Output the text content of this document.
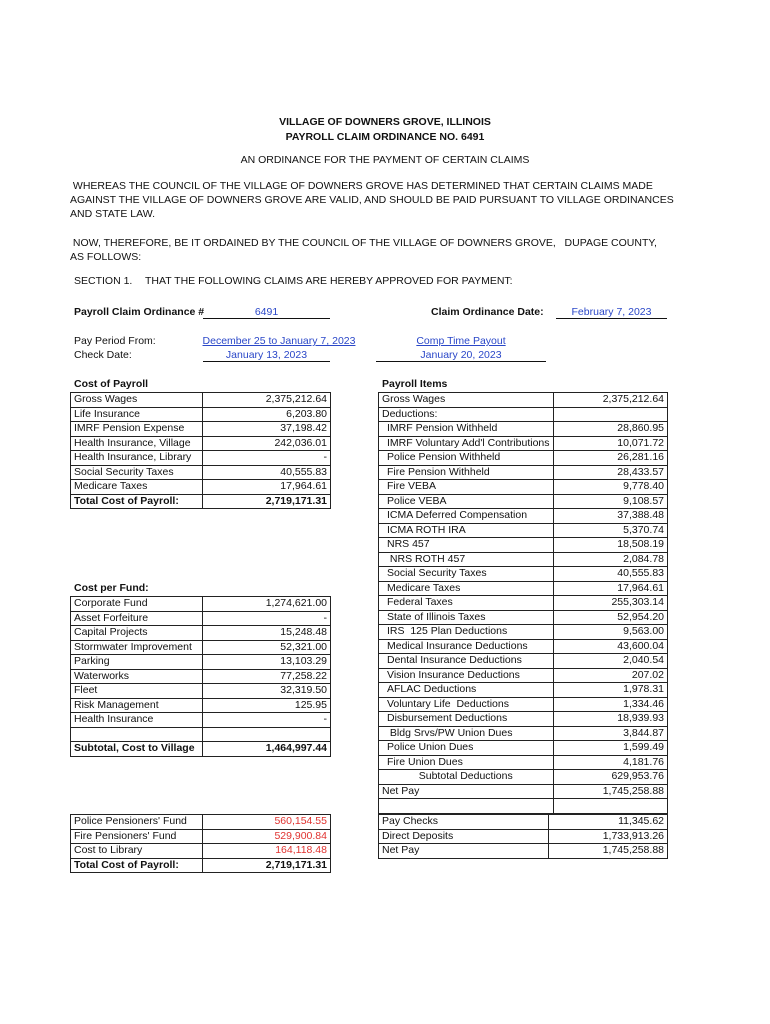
VILLAGE OF DOWNERS GROVE, ILLINOIS
PAYROLL CLAIM ORDINANCE NO. 6491
AN ORDINANCE FOR THE PAYMENT OF CERTAIN CLAIMS
WHEREAS THE COUNCIL OF THE VILLAGE OF DOWNERS GROVE HAS DETERMINED THAT CERTAIN CLAIMS MADE
AGAINST THE VILLAGE OF DOWNERS GROVE ARE VALID, AND SHOULD BE PAID PURSUANT TO VILLAGE ORDINANCES
AND STATE LAW.
NOW, THEREFORE, BE IT ORDAINED BY THE COUNCIL OF THE VILLAGE OF DOWNERS GROVE,   DUPAGE COUNTY,
AS FOLLOWS:
SECTION 1. THAT THE FOLLOWING CLAIMS ARE HEREBY APPROVED FOR PAYMENT:
Payroll Claim Ordinance #	6491	Claim Ordinance Date:	February 7, 2023
Pay Period From:	December 25 to January 7, 2023
Check Date:	January 13, 2023
Comp Time Payout
January 20, 2023
Cost of Payroll
Gross Wages	2,375,212.64
Life Insurance	6,203.80
IMRF Pension Expense	37,198.42
Health Insurance, Village	242,036.01
Health Insurance, Library	-
Social Security Taxes	40,555.83
Medicare Taxes	17,964.61
Total Cost of Payroll:	2,719,171.31
Cost per Fund:
Corporate Fund	1,274,621.00
Asset Forfeiture	-
Capital Projects	15,248.48
Stormwater Improvement	52,321.00
Parking	13,103.29
Waterworks	77,258.22
Fleet	32,319.50
Risk Management	125.95
Health Insurance	-

Subtotal, Cost to Village	1,464,997.44
Police Pensioners' Fund	560,154.55
Fire Pensioners' Fund	529,900.84
Cost to Library	164,118.48
Total Cost of Payroll:	2,719,171.31
Payroll Items
Gross Wages	2,375,212.64
Deductions:	
IMRF Pension Withheld	28,860.95
IMRF Voluntary Add'l Contributions	10,071.72
Police Pension Withheld	26,281.16
Fire Pension Withheld	28,433.57
Fire VEBA	9,778.40
Police VEBA	9,108.57
ICMA Deferred Compensation	37,388.48
ICMA ROTH IRA	5,370.74
NRS 457	18,508.19
NRS ROTH 457	2,084.78
Social Security Taxes	40,555.83
Medicare Taxes	17,964.61
Federal Taxes	255,303.14
State of Illinois Taxes	52,954.20
IRS  125 Plan Deductions	9,563.00
Medical Insurance Deductions	43,600.04
Dental Insurance Deductions	2,040.54
Vision Insurance Deductions	207.02
AFLAC Deductions	1,978.31
Voluntary Life  Deductions	1,334.46
Disbursement Deductions	18,939.93
Bldg Srvs/PW Union Dues	3,844.87
Police Union Dues	1,599.49
Fire Union Dues	4,181.76
Subtotal Deductions	629,953.76
Net Pay	1,745,258.88

Pay Checks	11,345.62
Direct Deposits	1,733,913.26
Net Pay	1,745,258.88
